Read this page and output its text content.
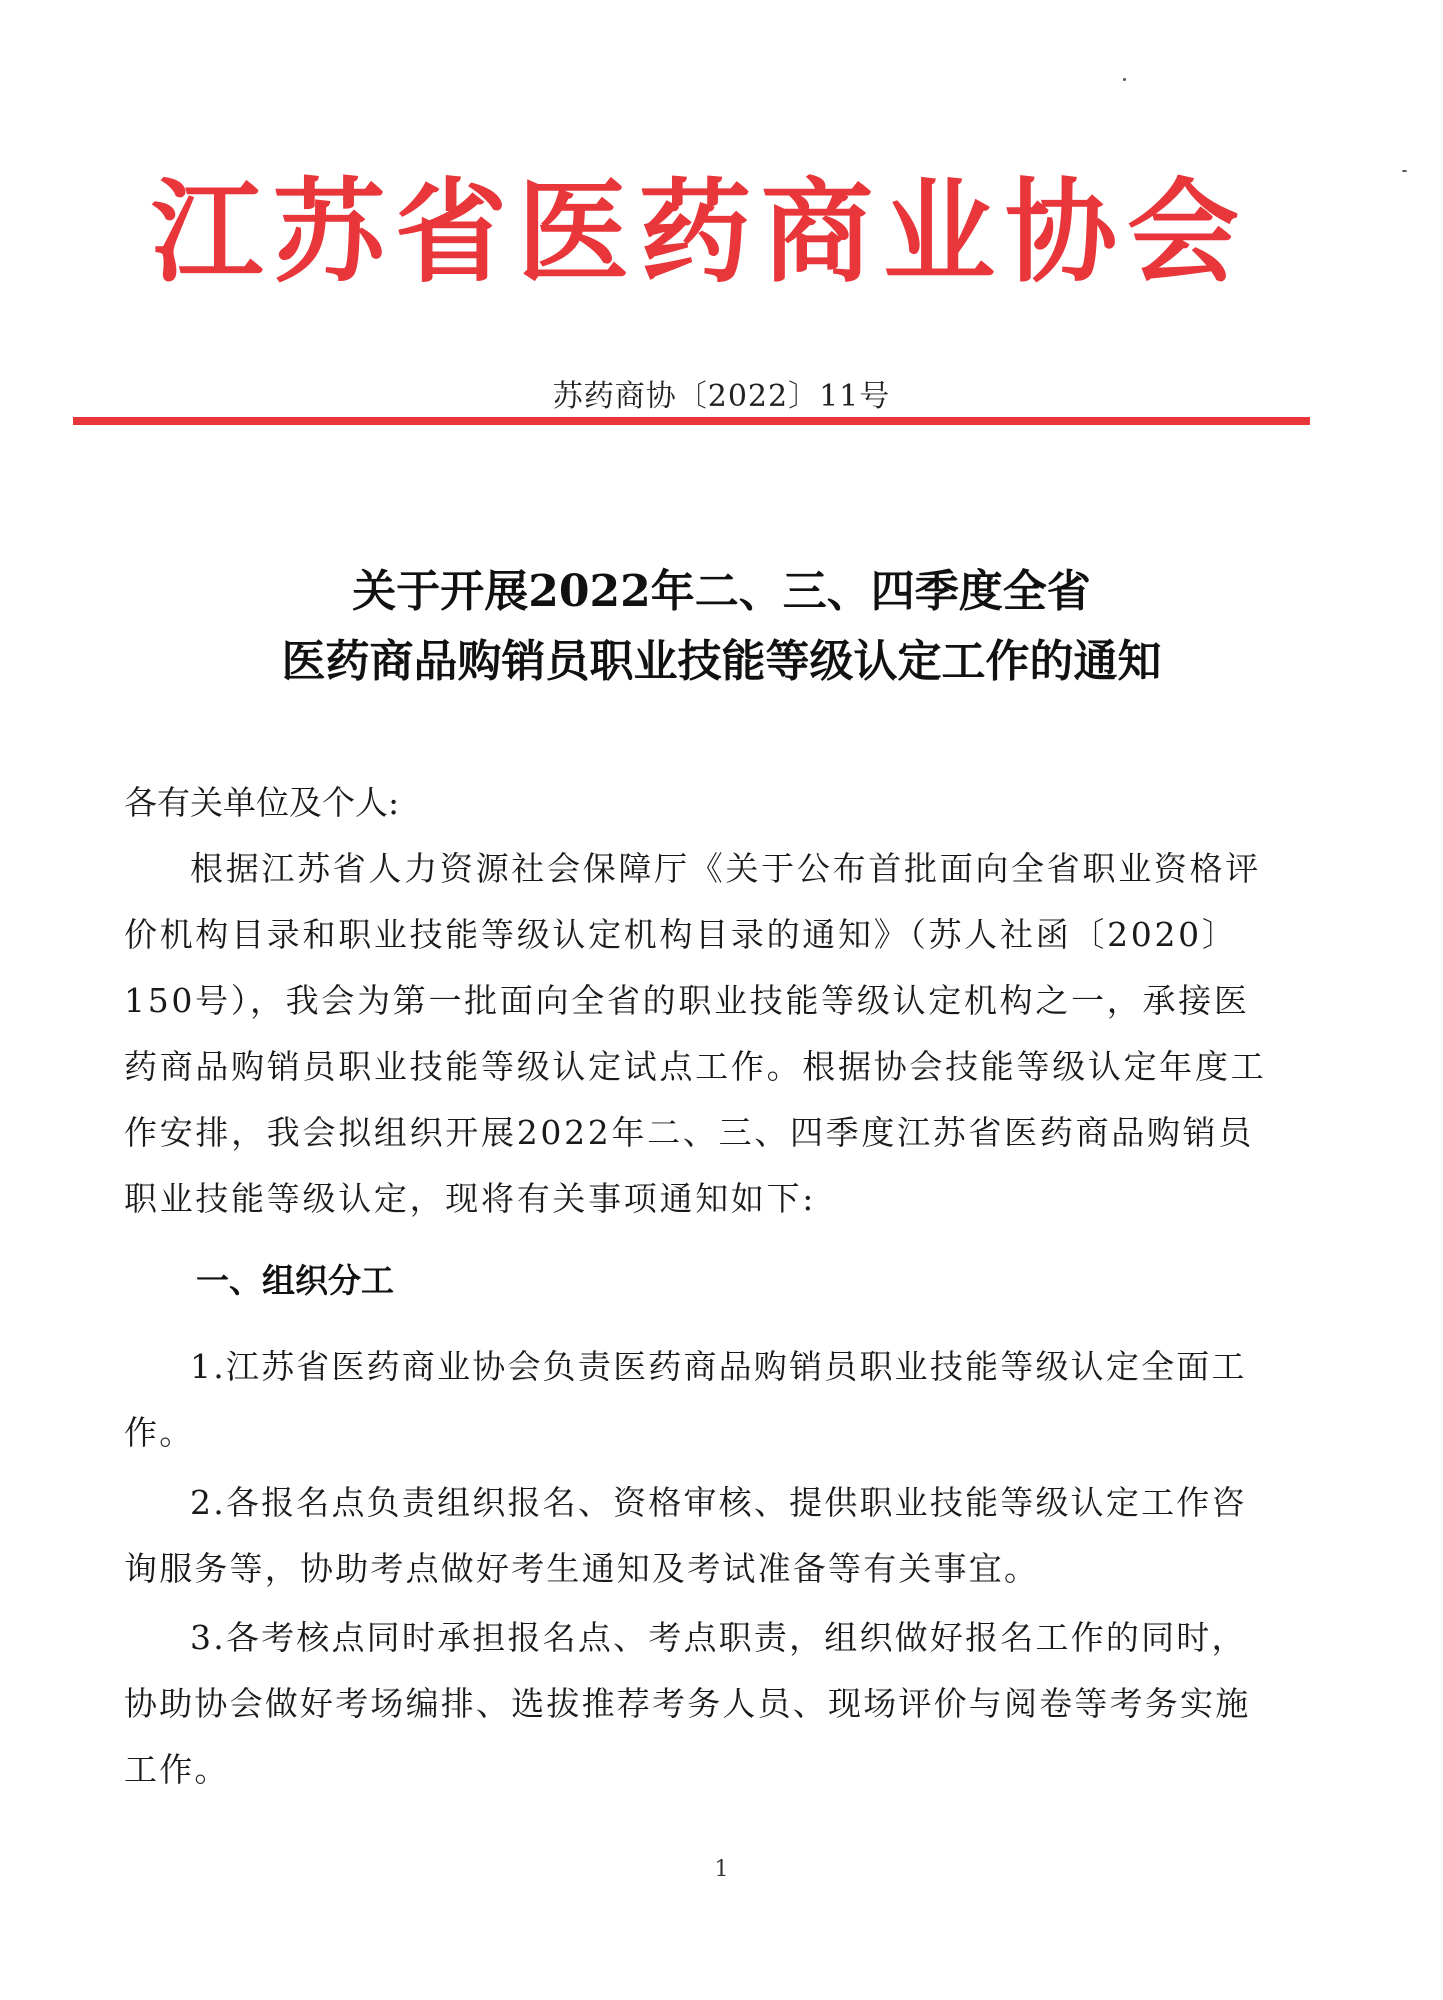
江苏省医药商业协会
苏药商协〔2022〕11号
关于开展2022年二、三、四季度全省
医药商品购销员职业技能等级认定工作的通知
各有关单位及个人:
根据江苏省人力资源社会保障厅《关于公布首批面向全省职业资格评价机构目录和职业技能等级认定机构目录的通知》（苏人社函〔2020〕150号），我会为第一批面向全省的职业技能等级认定机构之一，承接医药商品购销员职业技能等级认定试点工作。根据协会技能等级认定年度工作安排，我会拟组织开展2022年二、三、四季度江苏省医药商品购销员职业技能等级认定，现将有关事项通知如下:
一、组织分工
1.江苏省医药商业协会负责医药商品购销员职业技能等级认定全面工作。
2.各报名点负责组织报名、资格审核、提供职业技能等级认定工作咨询服务等，协助考点做好考生通知及考试准备等有关事宜。
3.各考核点同时承担报名点、考点职责，组织做好报名工作的同时，协助协会做好考场编排、选拔推荐考务人员、现场评价与阅卷等考务实施工作。
1
